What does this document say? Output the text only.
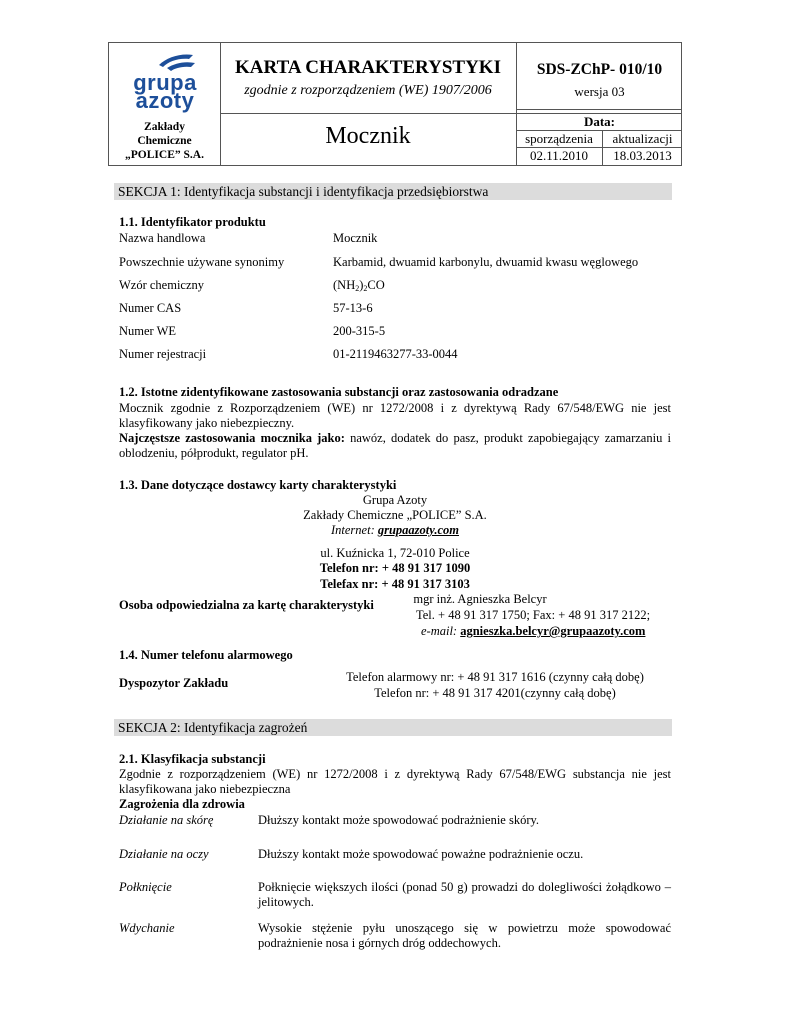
grupa
azoty
Zakłady
Chemiczne
„POLICE” S.A.
KARTA CHARAKTERYSTYKI
zgodnie z rozporządzeniem (WE) 1907/2006
Mocznik
SDS-ZChP- 010/10
wersja 03
Data:
sporządzenia	aktualizacji
02.11.2010	18.03.2013
SEKCJA 1: Identyfikacja substancji i identyfikacja przedsiębiorstwa
1.1. Identyfikator produktu
Nazwa handlowa	Mocznik
Powszechnie używane synonimy	Karbamid, dwuamid karbonylu, dwuamid kwasu węglowego
Wzór chemiczny	$(NH_2)_2CO$
Numer CAS	57-13-6
Numer WE	200-315-5
Numer rejestracji	01-2119463277-33-0044
1.2. Istotne zidentyfikowane zastosowania substancji oraz zastosowania odradzane
Mocznik zgodnie z Rozporządzeniem (WE) nr 1272/2008 i z dyrektywą Rady 67/548/EWG nie jest klasyfikowany jako niebezpieczny.
Najczęstsze zastosowania mocznika jako: nawóz, dodatek do pasz, produkt zapobiegający zamarzaniu i oblodzeniu, półprodukt, regulator pH.
1.3. Dane dotyczące dostawcy karty charakterystyki
Grupa Azoty
Zakłady Chemiczne „POLICE” S.A.
Internet: grupaazoty.com
ul. Kuźnicka 1, 72-010 Police
Telefon nr: + 48 91 317 1090
Telefax nr: + 48 91 317 3103
Osoba odpowiedzialna za kartę charakterystyki	mgr inż. Agnieszka Belcyr
Tel. + 48 91 317 1750; Fax: + 48 91 317 2122;
e-mail: agnieszka.belcyr@grupaazoty.com
1.4. Numer telefonu alarmowego
Dyspozytor Zakładu	Telefon alarmowy nr: + 48 91 317 1616 (czynny całą dobę)
Telefon nr: + 48 91 317 4201(czynny całą dobę)
SEKCJA 2: Identyfikacja zagrożeń
2.1. Klasyfikacja substancji
Zgodnie z rozporządzeniem (WE) nr 1272/2008 i z dyrektywą Rady 67/548/EWG substancja nie jest klasyfikowana jako niebezpieczna
Zagrożenia dla zdrowia
Działanie na skórę	Dłuższy kontakt może spowodować podrażnienie skóry.
Działanie na oczy	Dłuższy kontakt może spowodować poważne podrażnienie oczu.
Połknięcie	Połknięcie większych ilości (ponad 50 g) prowadzi do dolegliwości żołądkowo – jelitowych.
Wdychanie	Wysokie stężenie pyłu unoszącego się w powietrzu może spowodować podrażnienie nosa i górnych dróg oddechowych.
